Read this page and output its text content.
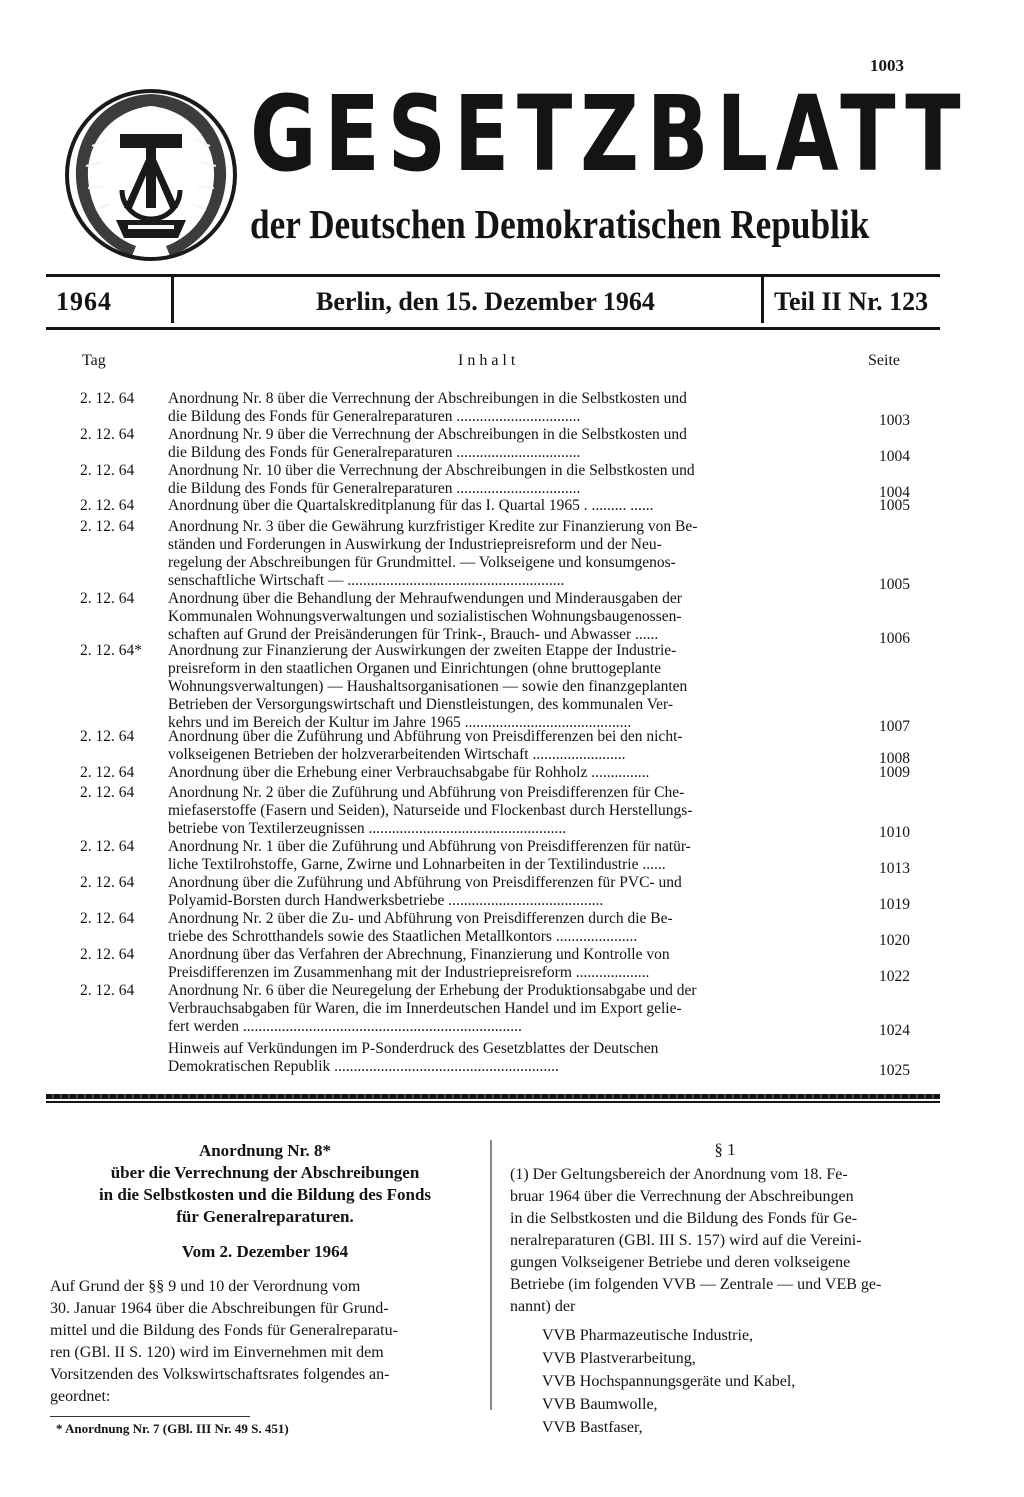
1003
GESETZBLATT
der Deutschen Demokratischen Republik
1964	Berlin, den 15. Dezember 1964	Teil II Nr. 123
Tag	I n h a l t	Seite
2. 12. 64	Anordnung Nr. 8 über die Verrechnung der Abschreibungen in die Selbstkosten und
die Bildung des Fonds für Generalreparaturen ................................	1003
2. 12. 64	Anordnung Nr. 9 über die Verrechnung der Abschreibungen in die Selbstkosten und
die Bildung des Fonds für Generalreparaturen ................................	1004
2. 12. 64	Anordnung Nr. 10 über die Verrechnung der Abschreibungen in die Selbstkosten und
die Bildung des Fonds für Generalreparaturen ................................	1004
2. 12. 64	Anordnung über die Quartalskreditplanung für das I. Quartal 1965 . ......... ......	1005
2. 12. 64	Anordnung Nr. 3 über die Gewährung kurzfristiger Kredite zur Finanzierung von Be-
ständen und Forderungen in Auswirkung der Industriepreisreform und der Neu-
regelung der Abschreibungen für Grundmittel. — Volkseigene und konsumgenos-
senschaftliche Wirtschaft — ........................................................	1005
2. 12. 64	Anordnung über die Behandlung der Mehraufwendungen und Minderausgaben der
Kommunalen Wohnungsverwaltungen und sozialistischen Wohnungsbaugenossen-
schaften auf Grund der Preisänderungen für Trink-, Brauch- und Abwasser ......	1006
2. 12. 64*	Anordnung zur Finanzierung der Auswirkungen der zweiten Etappe der Industrie-
preisreform in den staatlichen Organen und Einrichtungen (ohne bruttogeplante
Wohnungsverwaltungen) — Haushaltsorganisationen — sowie den finanzgeplanten
Betrieben der Versorgungswirtschaft und Dienstleistungen, des kommunalen Ver-
kehrs und im Bereich der Kultur im Jahre 1965 ...........................................	1007
2. 12. 64	Anordnung über die Zuführung und Abführung von Preisdifferenzen bei den nicht-
volkseigenen Betrieben der holzverarbeitenden Wirtschaft ........................	1008
2. 12. 64	Anordnung über die Erhebung einer Verbrauchsabgabe für Rohholz ...............	1009
2. 12. 64	Anordnung Nr. 2 über die Zuführung und Abführung von Preisdifferenzen für Che-
miefaserstoffe (Fasern und Seiden), Naturseide und Flockenbast durch Herstellungs-
betriebe von Textilerzeugnissen ...................................................	1010
2. 12. 64	Anordnung Nr. 1 über die Zuführung und Abführung von Preisdifferenzen für natür-
liche Textilrohstoffe, Garne, Zwirne und Lohnarbeiten in der Textilindustrie ......	1013
2. 12. 64	Anordnung über die Zuführung und Abführung von Preisdifferenzen für PVC- und
Polyamid-Borsten durch Handwerksbetriebe ........................................	1019
2. 12. 64	Anordnung Nr. 2 über die Zu- und Abführung von Preisdifferenzen durch die Be-
triebe des Schrotthandels sowie des Staatlichen Metallkontors .....................	1020
2. 12. 64	Anordnung über das Verfahren der Abrechnung, Finanzierung und Kontrolle von
Preisdifferenzen im Zusammenhang mit der Industriepreisreform ...................	1022
2. 12. 64	Anordnung Nr. 6 über die Neuregelung der Erhebung der Produktionsabgabe und der
Verbrauchsabgaben für Waren, die im Innerdeutschen Handel und im Export gelie-
fert werden ........................................................................	1024
Hinweis auf Verkündungen im P-Sonderdruck des Gesetzblattes der Deutschen
Demokratischen Republik ..........................................................	1025
Anordnung Nr. 8*
über die Verrechnung der Abschreibungen
in die Selbstkosten und die Bildung des Fonds
für Generalreparaturen.
Vom 2. Dezember 1964
Auf Grund der §§ 9 und 10 der Verordnung vom
30. Januar 1964 über die Abschreibungen für Grund-
mittel und die Bildung des Fonds für Generalreparatu-
ren (GBl. II S. 120) wird im Einvernehmen mit dem
Vorsitzenden des Volkswirtschaftsrates folgendes an-
geordnet:
* Anordnung Nr. 7 (GBl. III Nr. 49 S. 451)
§ 1
(1) Der Geltungsbereich der Anordnung vom 18. Fe-
bruar 1964 über die Verrechnung der Abschreibungen
in die Selbstkosten und die Bildung des Fonds für Ge-
neralreparaturen (GBl. III S. 157) wird auf die Vereini-
gungen Volkseigener Betriebe und deren volkseigene
Betriebe (im folgenden VVB — Zentrale — und VEB ge-
nannt) der
VVB Pharmazeutische Industrie,
VVB Plastverarbeitung,
VVB Hochspannungsgeräte und Kabel,
VVB Baumwolle,
VVB Bastfaser,
